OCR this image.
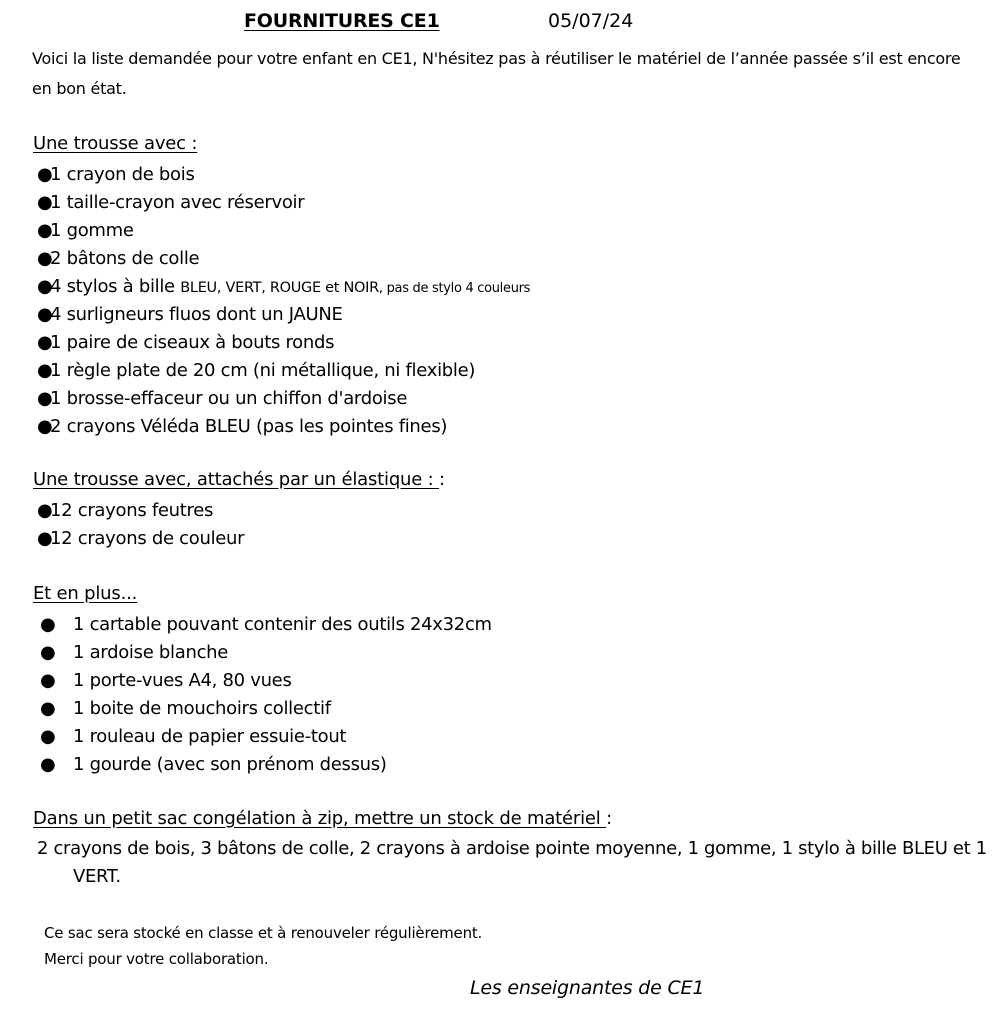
FOURNITURES CE1	05/07/24
Voici la liste demandée pour votre enfant en CE1, N'hésitez pas à réutiliser le matériel de l’année passée s’il est encore en bon état.
Une trousse avec :
●1 crayon de bois
●1 taille-crayon avec réservoir
●1 gomme
●2 bâtons de colle
●4 stylos à bille BLEU, VERT, ROUGE et NOIR, pas de stylo 4 couleurs
●4 surligneurs fluos dont un JAUNE
●1 paire de ciseaux à bouts ronds
●1 règle plate de 20 cm (ni métallique, ni flexible)
●1 brosse-effaceur ou un chiffon d'ardoise
●2 crayons Véléda BLEU (pas les pointes fines)
Une trousse avec, attachés par un élastique : :
●12 crayons feutres
●12 crayons de couleur
Et en plus...
● 1 cartable pouvant contenir des outils 24x32cm
● 1 ardoise blanche
● 1 porte-vues A4, 80 vues
● 1 boite de mouchoirs collectif
● 1 rouleau de papier essuie-tout
● 1 gourde (avec son prénom dessus)
Dans un petit sac congélation à zip, mettre un stock de matériel :
2 crayons de bois, 3 bâtons de colle, 2 crayons à ardoise pointe moyenne, 1 gomme, 1 stylo à bille BLEU et 1 VERT.
Ce sac sera stocké en classe et à renouveler régulièrement.
Merci pour votre collaboration.
Les enseignantes de CE1
